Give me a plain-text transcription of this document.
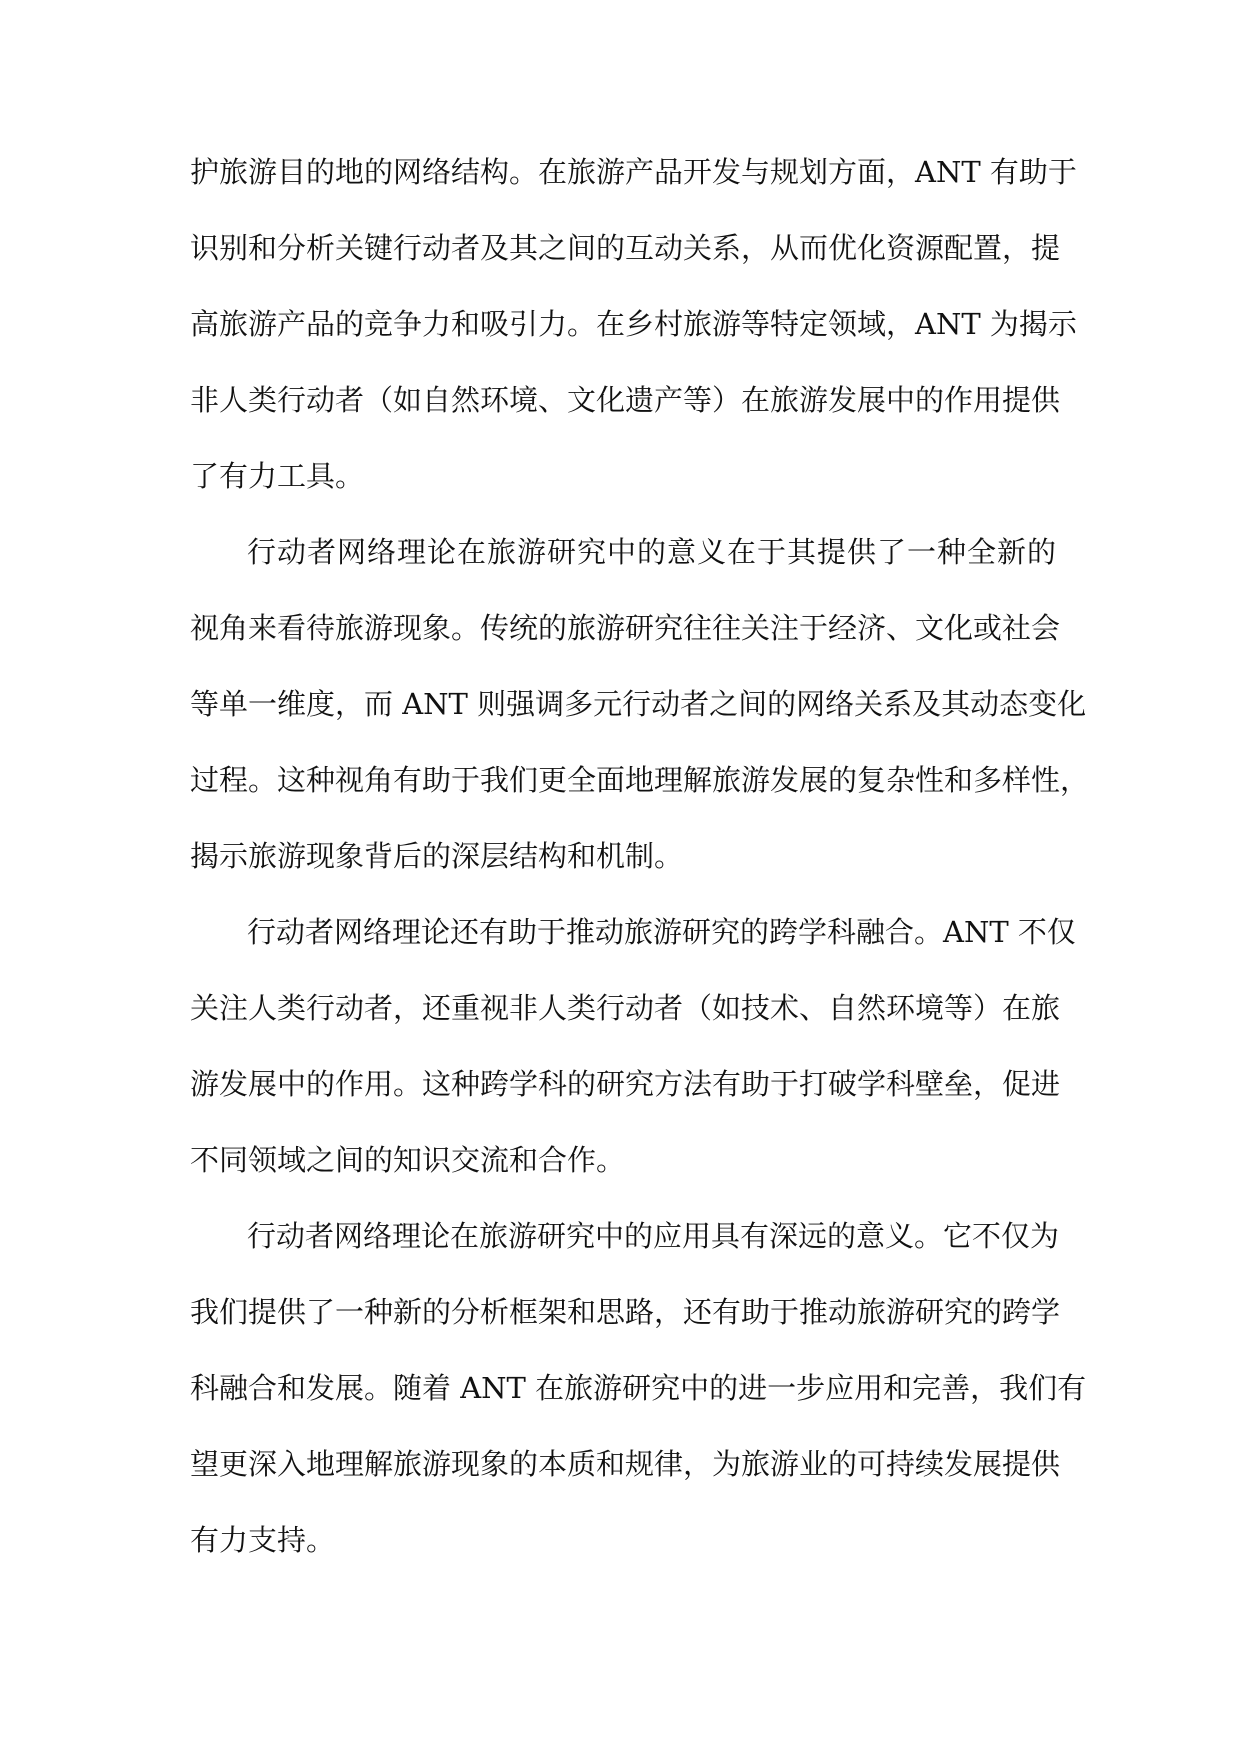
护旅游目的地的网络结构。在旅游产品开发与规划方面，ANT 有助于
识别和分析关键行动者及其之间的互动关系，从而优化资源配置，提
高旅游产品的竞争力和吸引力。在乡村旅游等特定领域，ANT 为揭示
非人类行动者（如自然环境、文化遗产等）在旅游发展中的作用提供
了有力工具。
行动者网络理论在旅游研究中的意义在于其提供了一种全新的
视角来看待旅游现象。传统的旅游研究往往关注于经济、文化或社会
等单一维度，而 ANT 则强调多元行动者之间的网络关系及其动态变化
过程。这种视角有助于我们更全面地理解旅游发展的复杂性和多样性，
揭示旅游现象背后的深层结构和机制。
行动者网络理论还有助于推动旅游研究的跨学科融合。ANT 不仅
关注人类行动者，还重视非人类行动者（如技术、自然环境等）在旅
游发展中的作用。这种跨学科的研究方法有助于打破学科壁垒，促进
不同领域之间的知识交流和合作。
行动者网络理论在旅游研究中的应用具有深远的意义。它不仅为
我们提供了一种新的分析框架和思路，还有助于推动旅游研究的跨学
科融合和发展。随着 ANT 在旅游研究中的进一步应用和完善，我们有
望更深入地理解旅游现象的本质和规律，为旅游业的可持续发展提供
有力支持。
